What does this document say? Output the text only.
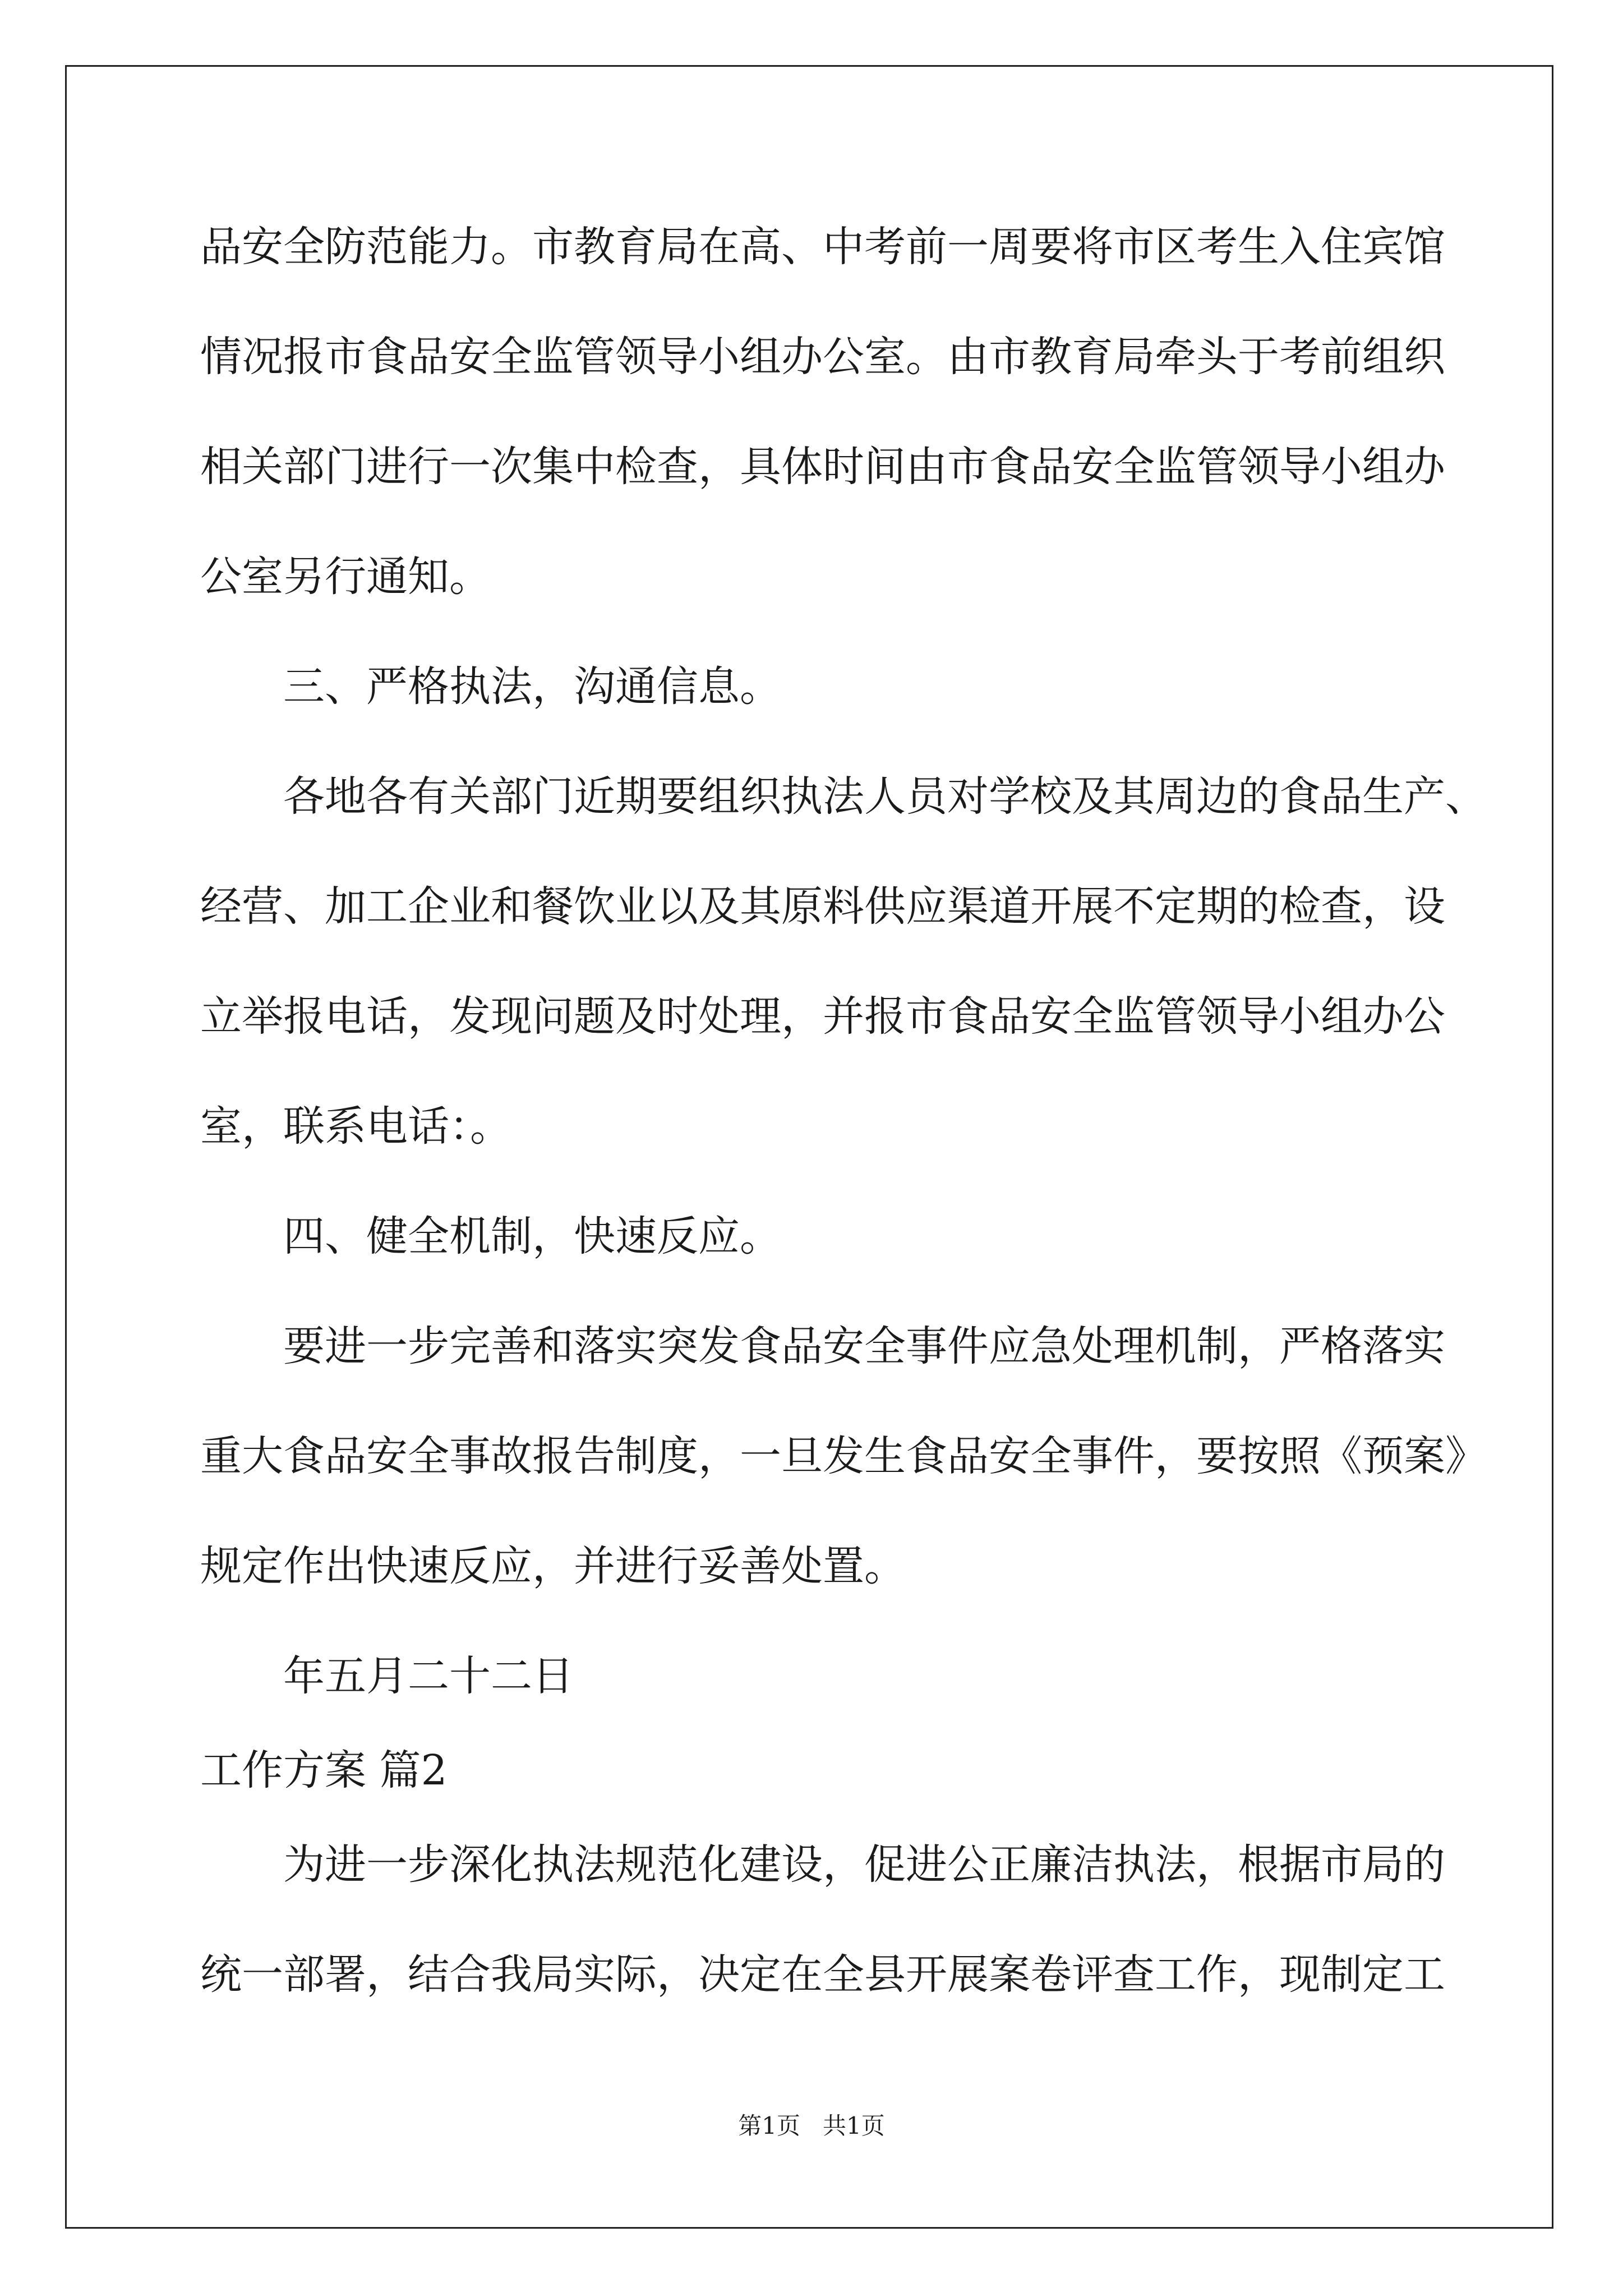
品安全防范能力。市教育局在高、中考前一周要将市区考生入住宾馆
情况报市食品安全监管领导小组办公室。由市教育局牵头于考前组织
相关部门进行一次集中检查，具体时间由市食品安全监管领导小组办
公室另行通知。
三、严格执法，沟通信息。
各地各有关部门近期要组织执法人员对学校及其周边的食品生产、
经营、加工企业和餐饮业以及其原料供应渠道开展不定期的检查，设
立举报电话，发现问题及时处理，并报市食品安全监管领导小组办公
室，联系电话：。
四、健全机制，快速反应。
要进一步完善和落实突发食品安全事件应急处理机制，严格落实
重大食品安全事故报告制度，一旦发生食品安全事件，要按照《预案》
规定作出快速反应，并进行妥善处置。
年五月二十二日
工作方案 篇2
为进一步深化执法规范化建设，促进公正廉洁执法，根据市局的
统一部署，结合我局实际，决定在全县开展案卷评查工作，现制定工
第1页   共1页
